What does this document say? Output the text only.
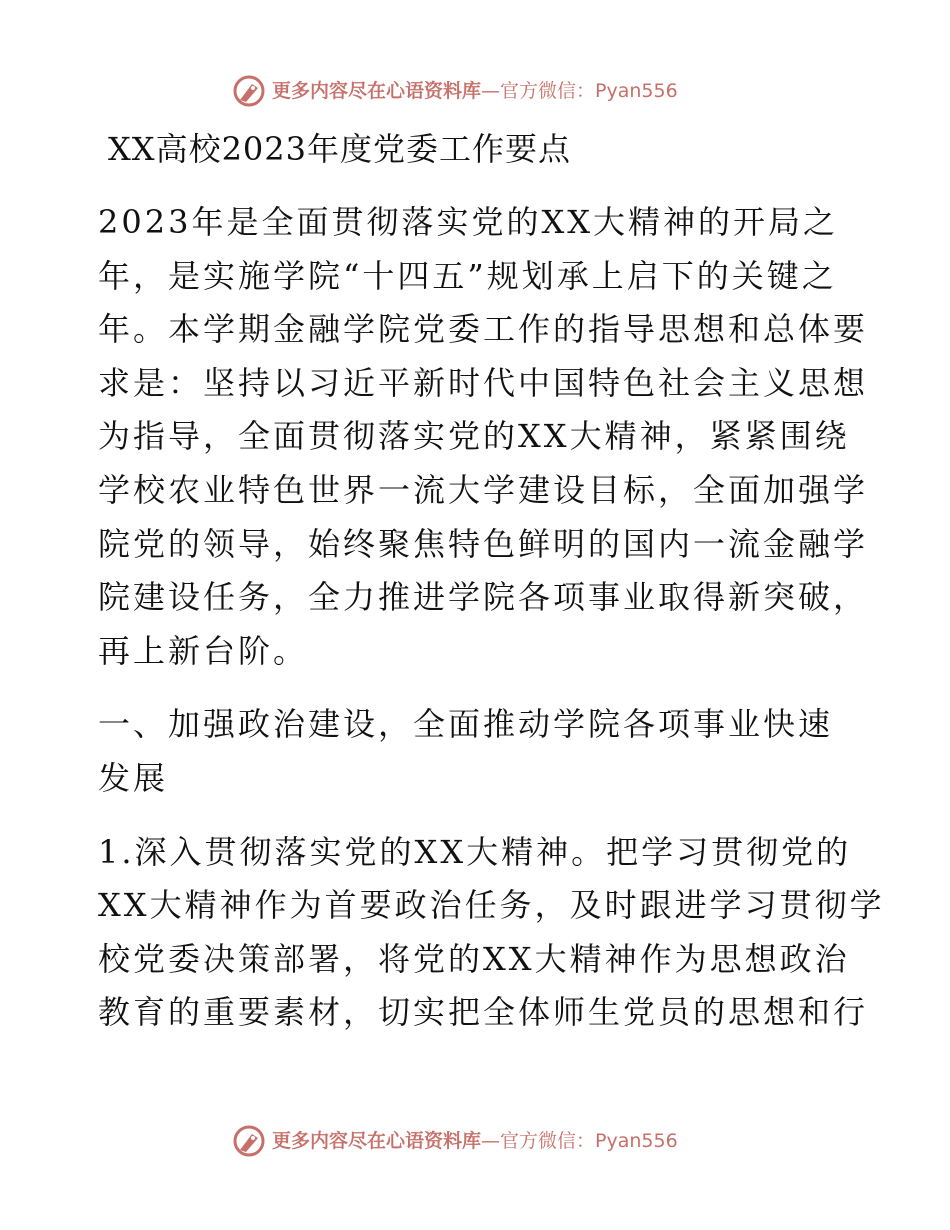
更多内容尽在心语资料库 — 官方微信： Pyan556
XX高校2023年度党委工作要点
2023年是全面贯彻落实党的XX大精神的开局之
年，是实施学院“十四五”规划承上启下的关键之
年。本学期金融学院党委工作的指导思想和总体要
求是：坚持以习近平新时代中国特色社会主义思想
为指导，全面贯彻落实党的XX大精神，紧紧围绕
学校农业特色世界一流大学建设目标，全面加强学
院党的领导，始终聚焦特色鲜明的国内一流金融学
院建设任务，全力推进学院各项事业取得新突破，
再上新台阶。
一、加强政治建设，全面推动学院各项事业快速
发展
1.深入贯彻落实党的XX大精神。把学习贯彻党的
XX大精神作为首要政治任务，及时跟进学习贯彻学
校党委决策部署，将党的XX大精神作为思想政治
教育的重要素材，切实把全体师生党员的思想和行
更多内容尽在心语资料库 — 官方微信： Pyan556
